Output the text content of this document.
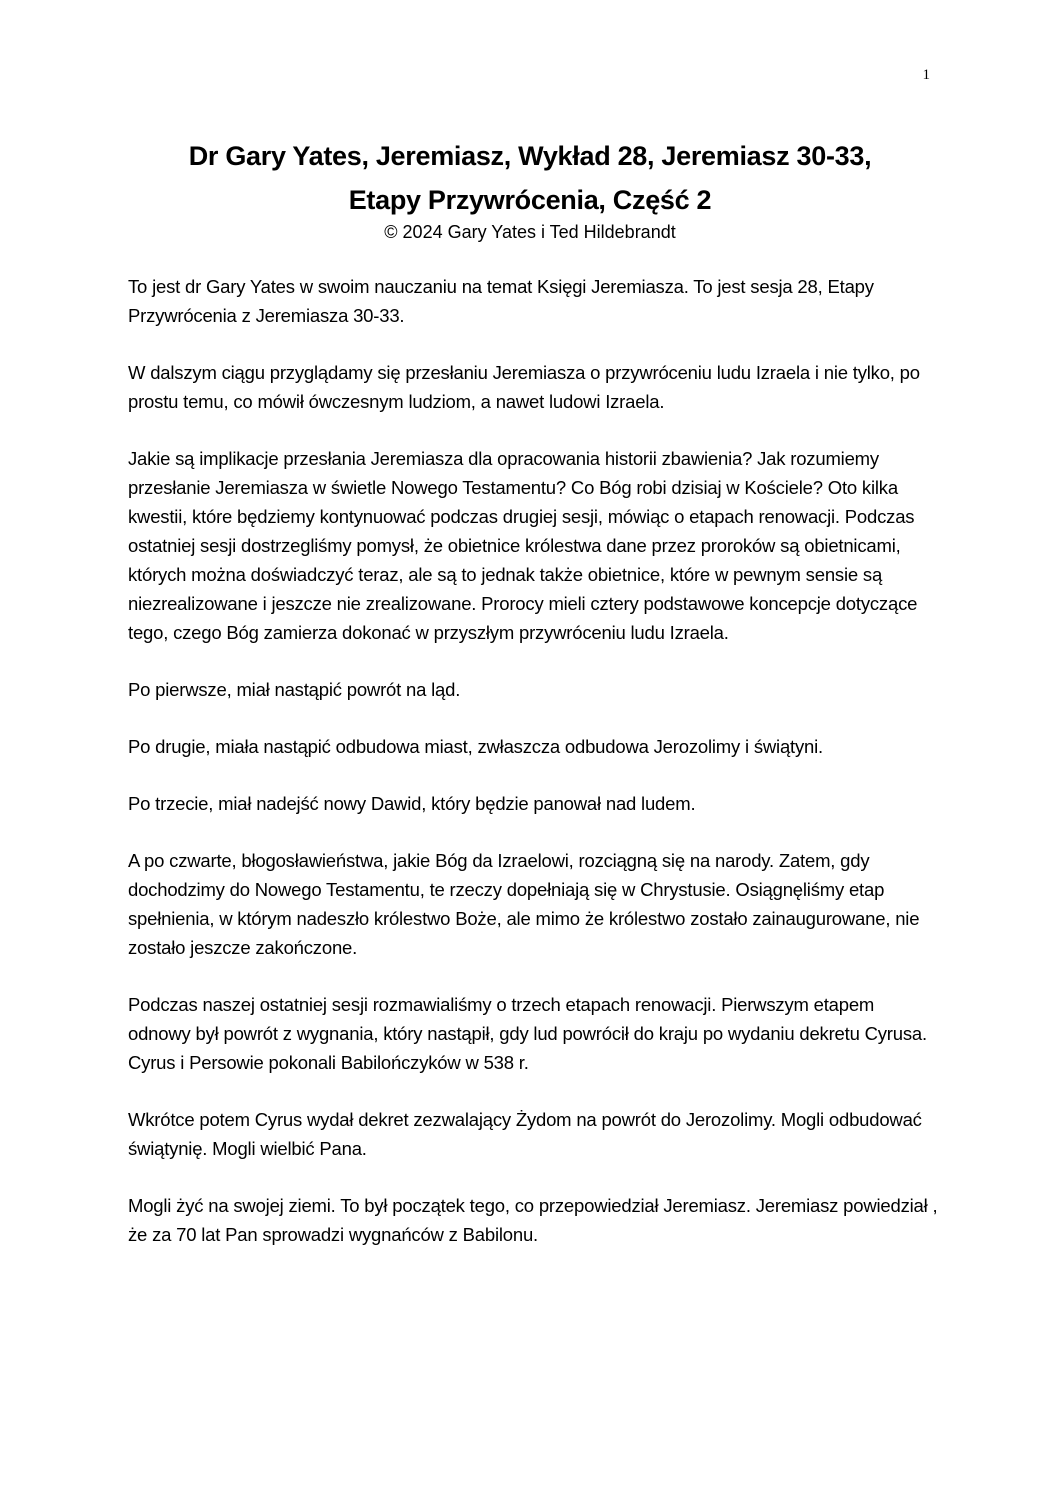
1
Dr Gary Yates, Jeremiasz, Wykład 28, Jeremiasz 30-33,
Etapy Przywrócenia, Część 2
© 2024 Gary Yates i Ted Hildebrandt

To jest dr Gary Yates w swoim nauczaniu na temat Księgi Jeremiasza. To jest sesja 28, Etapy Przywrócenia z Jeremiasza 30-33.

W dalszym ciągu przyglądamy się przesłaniu Jeremiasza o przywróceniu ludu Izraela i nie tylko, po prostu temu, co mówił ówczesnym ludziom, a nawet ludowi Izraela.

Jakie są implikacje przesłania Jeremiasza dla opracowania historii zbawienia? Jak rozumiemy przesłanie Jeremiasza w świetle Nowego Testamentu? Co Bóg robi dzisiaj w Kościele? Oto kilka kwestii, które będziemy kontynuować podczas drugiej sesji, mówiąc o etapach renowacji. Podczas ostatniej sesji dostrzegliśmy pomysł, że obietnice królestwa dane przez proroków są obietnicami, których można doświadczyć teraz, ale są to jednak także obietnice, które w pewnym sensie są niezrealizowane i jeszcze nie zrealizowane. Prorocy mieli cztery podstawowe koncepcje dotyczące tego, czego Bóg zamierza dokonać w przyszłym przywróceniu ludu Izraela.

Po pierwsze, miał nastąpić powrót na ląd.

Po drugie, miała nastąpić odbudowa miast, zwłaszcza odbudowa Jerozolimy i świątyni.

Po trzecie, miał nadejść nowy Dawid, który będzie panował nad ludem.

A po czwarte, błogosławieństwa, jakie Bóg da Izraelowi, rozciągną się na narody. Zatem, gdy dochodzimy do Nowego Testamentu, te rzeczy dopełniają się w Chrystusie. Osiągnęliśmy etap spełnienia, w którym nadeszło królestwo Boże, ale mimo że królestwo zostało zainaugurowane, nie zostało jeszcze zakończone.

Podczas naszej ostatniej sesji rozmawialiśmy o trzech etapach renowacji. Pierwszym etapem odnowy był powrót z wygnania, który nastąpił, gdy lud powrócił do kraju po wydaniu dekretu Cyrusa. Cyrus i Persowie pokonali Babilończyków w 538 r.

Wkrótce potem Cyrus wydał dekret zezwalający Żydom na powrót do Jerozolimy. Mogli odbudować świątynię. Mogli wielbić Pana.

Mogli żyć na swojej ziemi. To był początek tego, co przepowiedział Jeremiasz. Jeremiasz powiedział , że za 70 lat Pan sprowadzi wygnańców z Babilonu.
